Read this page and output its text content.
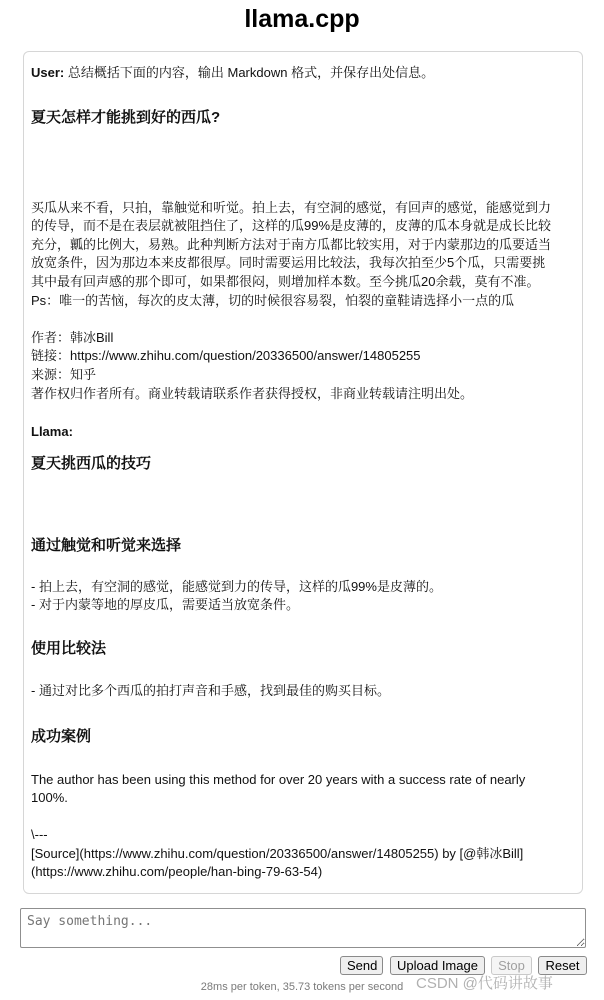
llama.cpp

User: 总结概括下面的内容，输出 Markdown 格式，并保存出处信息。

夏天怎样才能挑到好的西瓜?

买瓜从来不看，只拍，靠触觉和听觉。拍上去，有空洞的感觉，有回声的感觉，能感觉到力

的传导，而不是在表层就被阻挡住了，这样的瓜99%是皮薄的，皮薄的瓜本身就是成长比较

充分，瓤的比例大，易熟。此种判断方法对于南方瓜都比较实用，对于内蒙那边的瓜要适当

放宽条件，因为那边本来皮都很厚。同时需要运用比较法，我每次拍至少5个瓜，只需要挑

其中最有回声感的那个即可，如果都很闷，则增加样本数。至今挑瓜20余载，莫有不准。

Ps：唯一的苦恼，每次的皮太薄，切的时候很容易裂，怕裂的童鞋请选择小一点的瓜

作者：韩冰Bill

链接：https://www.zhihu.com/question/20336500/answer/14805255

来源：知乎

著作权归作者所有。商业转载请联系作者获得授权，非商业转载请注明出处。

Llama:

夏天挑西瓜的技巧

通过触觉和听觉来选择

- 拍上去，有空洞的感觉，能感觉到力的传导，这样的瓜99%是皮薄的。

- 对于内蒙等地的厚皮瓜，需要适当放宽条件。

使用比较法

- 通过对比多个西瓜的拍打声音和手感，找到最佳的购买目标。

成功案例

The author has been using this method for over 20 years with a success rate of nearly

100%.

\---

[Source](https://www.zhihu.com/question/20336500/answer/14805255) by [@韩冰Bill]

(https://www.zhihu.com/people/han-bing-79-63-54)

Say something...
Send	Upload Image	Stop	Reset
28ms per token, 35.73 tokens per second CSDN @代码讲故事
